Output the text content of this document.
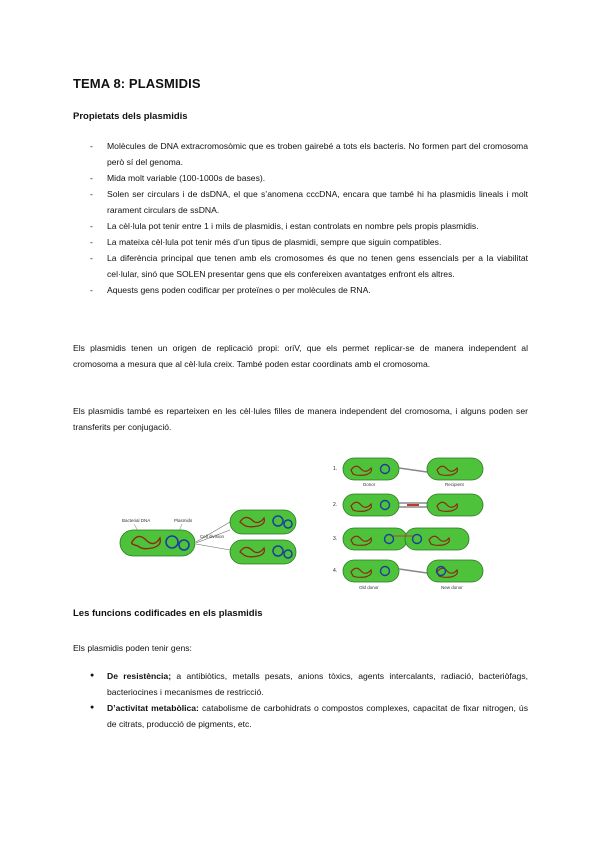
TEMA 8: PLASMIDIS
Propietats dels plasmidis
- Molècules de DNA extracromosòmic que es troben gairebé a tots els bacteris. No formen part del cromosoma però sí del genoma.
- Mida molt variable (100-1000s de bases).
- Solen ser circulars i de dsDNA, el que s’anomena cccDNA, encara que també hi ha plasmidis lineals i molt rarament circulars de ssDNA.
- La cèl·lula pot tenir entre 1 i mils de plasmidis, i estan controlats en nombre pels propis plasmidis.
- La mateixa cèl·lula pot tenir més d’un tipus de plasmidi, sempre que siguin compatibles.
- La diferència principal que tenen amb els cromosomes és que no tenen gens essencials per a la viabilitat cel·lular, sinó que SOLEN presentar gens que els confereixen avantatges enfront els altres.
- Aquests gens poden codificar per proteïnes o per molècules de RNA.

Els plasmidis tenen un origen de replicació propi: oriV, que els permet replicar-se de manera independent al cromosoma a mesura que al cèl·lula creix. També poden estar coordinats amb el cromosoma.

Els plasmidis també es reparteixen en les cèl·lules filles de manera independent del cromosoma, i alguns poden ser transferits per conjugació.

Bacterial DNA	Plasmids
Cell division
1.
Donor	Recipient
2.
3.
4.
Old donor	New donor
Les funcions codificades en els plasmidis

Els plasmidis poden tenir gens:

● De resistència; a antibiòtics, metalls pesats, anions tòxics, agents intercalants, radiació, bacteriòfags, bacteriocines i mecanismes de restricció.
● D’activitat metabòlica: catabolisme de carbohidrats o compostos complexes, capacitat de fixar nitrogen, ús de citrats, producció de pigments, etc.
